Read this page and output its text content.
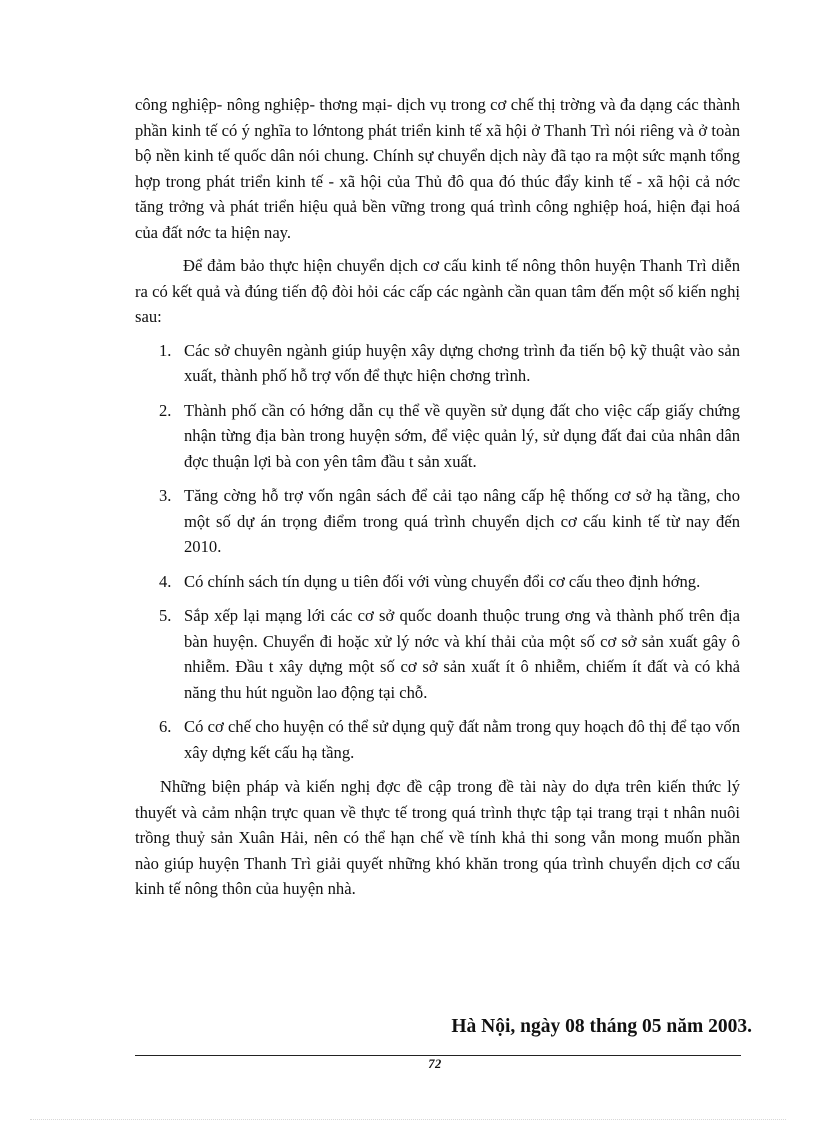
công nghiệp- nông nghiệp- thơng mại- dịch vụ trong cơ chế thị trờng và đa dạng các thành phần kinh tế có ý nghĩa to lớntong phát triển kinh tế xã hội ở Thanh Trì nói riêng và ở toàn bộ nền kinh tế quốc dân nói chung. Chính sự chuyển dịch này đã tạo ra một sức mạnh tổng hợp trong phát triển kinh tế - xã hội của Thủ đô qua đó thúc đẩy kinh tế - xã hội cả nớc tăng trởng và phát triển hiệu quả bền vững trong quá trình công nghiệp hoá, hiện đại hoá của đất nớc ta hiện nay.

Để đảm bảo thực hiện chuyển dịch cơ cấu kinh tế nông thôn huyện Thanh Trì diễn ra có kết quả và đúng tiến độ đòi hỏi các cấp các ngành cần quan tâm đến một số kiến nghị sau:

1. Các sở chuyên ngành giúp huyện xây dựng chơng trình đa tiến bộ kỹ thuật vào sản xuất, thành phố hỗ trợ vốn để thực hiện chơng trình.
2. Thành phố cần có hớng dẫn cụ thể về quyền sử dụng đất cho việc cấp giấy chứng nhận từng địa bàn trong huyện sớm, để việc quản lý, sử dụng đất đai của nhân dân đợc thuận lợi bà con yên tâm đầu t sản xuất.
3. Tăng cờng hỗ trợ vốn ngân sách để cải tạo nâng cấp hệ thống cơ sở hạ tầng, cho một số dự án trọng điểm trong quá trình chuyển dịch cơ cấu kinh tế từ nay đến 2010.
4. Có chính sách tín dụng u tiên đối với vùng chuyển đổi cơ cấu theo định hớng.
5. Sắp xếp lại mạng lới các cơ sở quốc doanh thuộc trung ơng và thành phố trên địa bàn huyện. Chuyển đi hoặc xử lý nớc và khí thải của một số cơ sở sản xuất gây ô nhiễm. Đầu t xây dựng một số cơ sở sản xuất ít ô nhiễm, chiếm ít đất và có khả năng thu hút nguồn lao động tại chỗ.
6. Có cơ chế cho huyện có thể sử dụng quỹ đất nằm trong quy hoạch đô thị để tạo vốn xây dựng kết cấu hạ tầng.

Những biện pháp và kiến nghị đợc đề cập trong đề tài này do dựa trên kiến thức lý thuyết và cảm nhận trực quan về thực tế trong quá trình thực tập tại trang trại t nhân nuôi trồng thuỷ sản Xuân Hải, nên có thể hạn chế về tính khả thi song vẫn mong muốn phần nào giúp huyện Thanh Trì giải quyết những khó khăn trong qúa trình chuyển dịch cơ cấu kinh tế nông thôn của huyện nhà.

Hà Nội, ngày 08 tháng 05 năm 2003.
72
